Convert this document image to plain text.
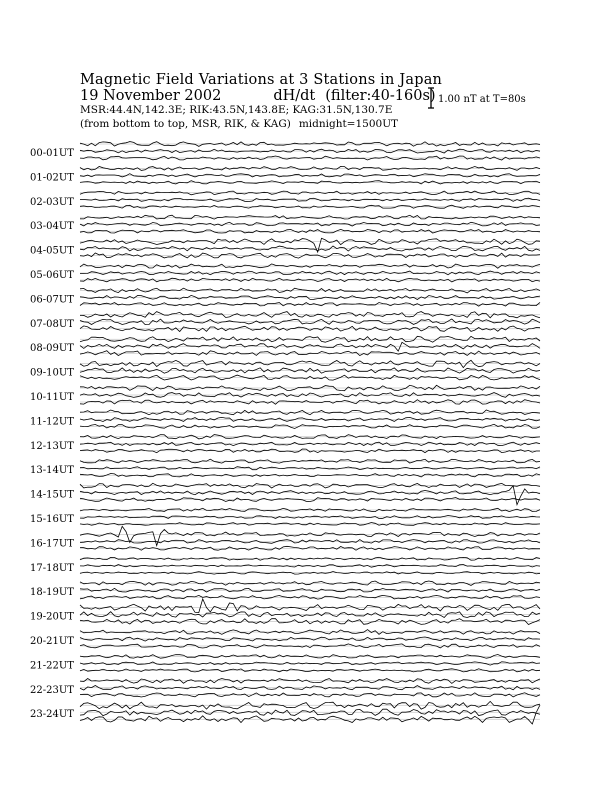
Magnetic Field Variations at 3 Stations in Japan
19 November 2002	dH/dt (filter:40-160s)
MSR:44.4N,142.3E; RIK:43.5N,143.8E; KAG:31.5N,130.7E
(from bottom to top, MSR, RIK, & KAG) midnight=1500UT
1.00 nT at T=80s
00-01UT
01-02UT
02-03UT
03-04UT
04-05UT
05-06UT
06-07UT
07-08UT
08-09UT
09-10UT
10-11UT
11-12UT
12-13UT
13-14UT
14-15UT
15-16UT
16-17UT
17-18UT
18-19UT
19-20UT
20-21UT
21-22UT
22-23UT
23-24UT
